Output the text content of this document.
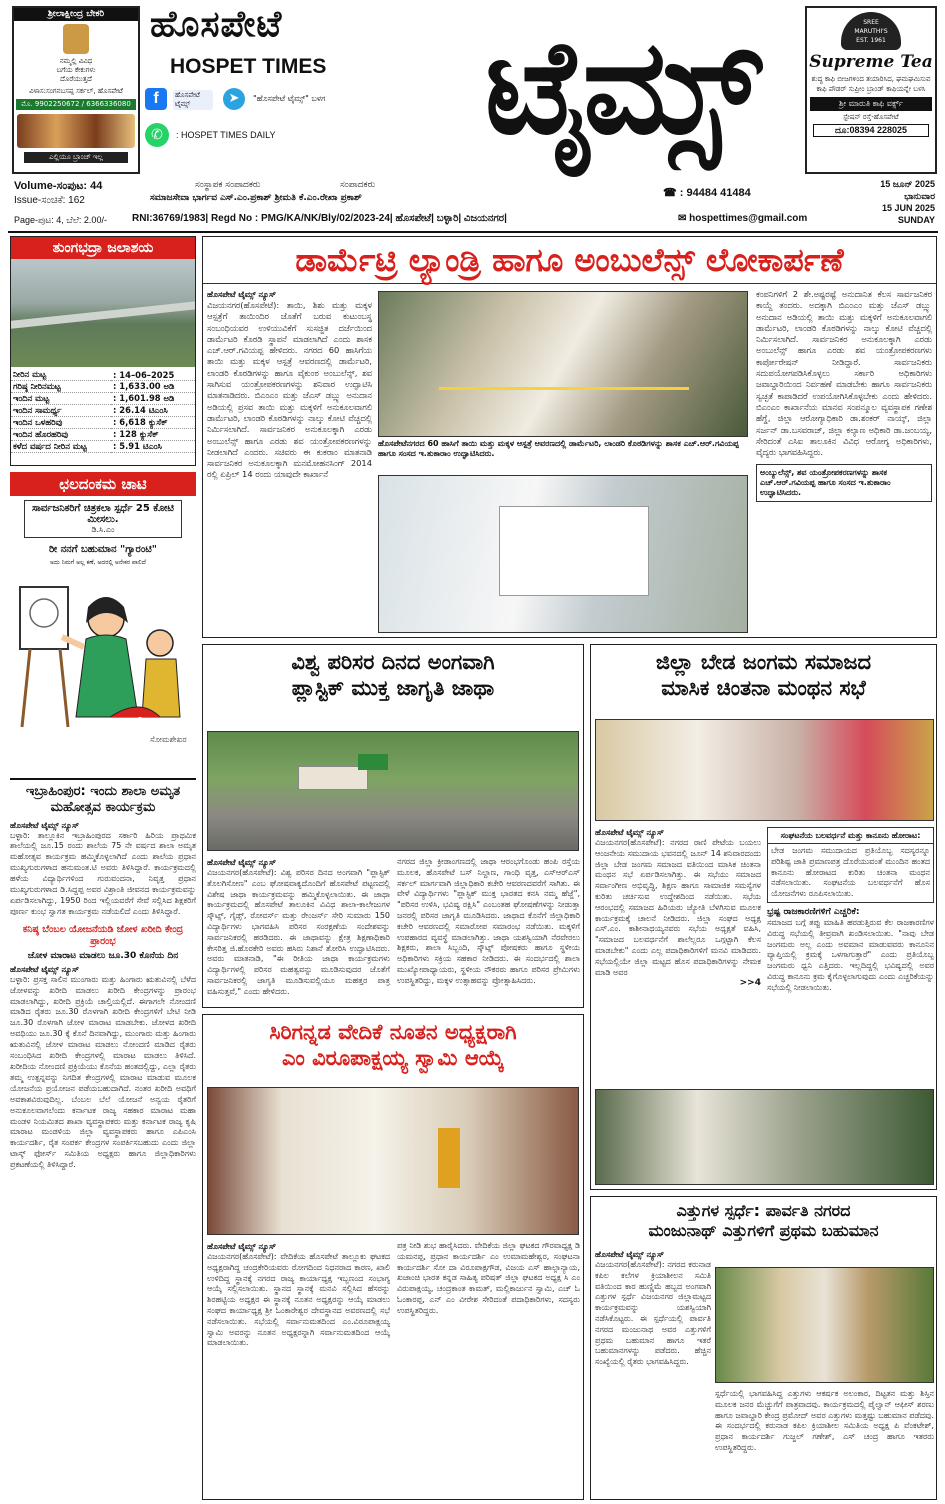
ಶ್ರೀಲಾಕ್ಷೀಂದ್ರ ಬೇಕರಿ
ನಮ್ಮಲ್ಲಿ ವಿವಿಧ
ಬಗೆಯ ಕೇಕುಗಳು
ದೊರೆಯುತ್ತದೆ
ವಿಳಾಸ:ಸಂಗನಬಸಪ್ಪ ಸರ್ಕಲ್, ಹೊಸಪೇಟೆ
ಮೊ. 9902250672 / 6366336080
ಎಲ್ಲಿಯೂ ಬ್ರಾಂಚ್ ಇಲ್ಲ
ಹೊಸಪೇಟೆ
HOSPET TIMES
f	ಹೊಸಪೇಟೆ ಟೈಮ್ಸ್	➤	"ಹೊಸಪೇಟೆ ಟೈಮ್ಸ್" ಬಳಗ
✆	: HOSPET TIMES DAILY	ಟೈಮ್ಸ್	SREE
MARUTHI'S
EST. 1961
Supreme Tea
ಶುದ್ಧ ಕಾಫಿ ಬೀಜಗಳಿಂದ ತಯಾರಿಸಿದ, ಘಮಘಮಿಸುವ ಕಾಫಿ ಪೌಡರ್ ಸುಪ್ರೀಂ ಬ್ರಾಂಡ್ ಕಾಫಿಯನ್ನೇ ಬಳಸಿ
ಶ್ರೀ ಮಾರುತಿ ಕಾಫಿ ವರ್ಕ್ಸ್
ಸ್ಟೇಷನ್ ರಸ್ತೆ-ಹೊಸಪೇಟೆ
ದೂ:08394 228025
Volume-ಸಂಪುಟ: 44
Issue-ಸಂಚಿಕೆ: 162
ಸಂಸ್ಥಾಪಕ ಸಂಪಾದಕರು	ಸಂಪಾದಕರು
ಸಮಾಜಸೇವಾ ಭಾರ್ಗವ ಎಸ್.ಎಂ.ಪ್ರಕಾಶ್ ಶ್ರೀಮತಿ ಕೆ.ಎಂ.ರೇಖಾ ಪ್ರಕಾಶ್	☎ : 94484 41484
Page-ಪುಟ: 4, ಬೆಲೆ: 2.00/-	RNI:36769/1983| Regd No : PMG/KA/NK/Bly/02/2023-24| ಹೊಸಪೇಟೆ| ಬಳ್ಳಾರಿ| ವಿಜಯನಗರ|	✉ hospettimes@gmail.com
15 ಜೂನ್ 2025
ಭಾನುವಾರ
15 JUN 2025
SUNDAY
ತುಂಗಭದ್ರಾ ಜಲಾಶಯ
ನೀರಿನ ಮಟ್ಟ	: 14–06–2025
ಗರಿಷ್ಠ ನೀರಿನಮಟ್ಟ	: 1,633.00 ಅಡಿ
ಇಂದಿನ ಮಟ್ಟ	: 1,601.98 ಅಡಿ
ಇಂದಿನ ಸಾಮರ್ಥ್ಯ	: 26.14 ಟಿಎಂಸಿ
ಇಂದಿನ ಒಳಹರಿವು	: 6,618 ಕ್ಯುಸೆಕ್
ಇಂದಿನ ಹೊರಹರಿವು	: 128 ಕ್ಯುಸೆಕ್
ಕಳೆದ ವರ್ಷದ ನೀರಿನ ಮಟ್ಟ	: 5.91 ಟಿಎಂಸಿ
ಛಲದಂಕಮ ಚಾಟಿ
ಸಾರ್ವಜನಿಕರಿಗೆ ಚಿತ್ರಕಲಾ ಸ್ಪರ್ಧೆ 25 ಕೋಟಿ ಮೀಸಲು.
ಡಿ.ಸಿ.ಎಂ
ರೀ ನನಗೆ ಬಹುಮಾನ "ಗ್ಯಾರಂಟಿ"
ಅದು ನಿಮಗೆ ಅಲ್ಲ ಕಣೆ, ಅದರಲ್ಲಿ ಅನೇಕರ ಪಾಲಿದೆ
ಸೋಮಶೇಖರ
ಇಬ್ರಾಹಿಂಪುರ: ಇಂದು ಶಾಲಾ ಅಮೃತ ಮಹೋತ್ಸವ ಕಾರ್ಯಕ್ರಮ
ಹೊಸಪೇಟೆ ಟೈಮ್ಸ್ ನ್ಯೂಸ್
ಬಳ್ಳಾರಿ: ತಾಲ್ಲೂಕಿನ ಇಬ್ರಾಹಿಂಪುರದ ಸರ್ಕಾರಿ ಹಿರಿಯ ಪ್ರಾಥಮಿಕ ಶಾಲೆಯಲ್ಲಿ ಜೂ.15 ರಂದು ಶಾಲೆಯ 75 ನೇ ವರ್ಷದ ಶಾಲಾ ಅಮೃತ ಮಹೋತ್ಸವ ಕಾರ್ಯಕ್ರಮ ಹಮ್ಮಿಕೊಳ್ಳಲಾಗಿದೆ ಎಂದು ಶಾಲೆಯ ಪ್ರಧಾನ ಮುಖ್ಯಗುರುಗಳಾದ ಹನುಮಂತ.ಟಿ ಅವರು ತಿಳಿಸಿದ್ದಾರೆ. ಕಾರ್ಯಕ್ರಮದಲ್ಲಿ ಹಳೆಯ ವಿದ್ಯಾರ್ಥಿಗಳಿಂದ ಗುರುವಂದನಾ, ನಿವೃತ್ತ ಪ್ರಧಾನ ಮುಖ್ಯಗುರುಗಳಾದ ಡಿ.ಸಿದ್ದಪ್ಪ ಅವರ ವಿಶ್ರಾಂತಿ ಜೀವನದ ಕಾರ್ಯಕ್ರಮವನ್ನು ಏರ್ಪಡಿಸಲಾಗಿದ್ದು, 1950 ರಿಂದ ಇಲ್ಲಿಯವರೆಗೆ ಸೇವೆ ಸಲ್ಲಿಸಿದ ಶಿಕ್ಷಕರಿಗೆ ಪೂರ್ಣ ಕುಂಭ ಸ್ವಾಗತ ಕಾರ್ಯಕ್ರಮ ನಡೆಯಲಿದೆ ಎಂದು ತಿಳಿಸಿದ್ದಾರೆ.
ಕನಿಷ್ಠ ಬೆಂಬಲ ಯೋಜನೆಯಡಿ ಜೋಳ ಖರೀದಿ ಕೇಂದ್ರ ಪ್ರಾರಂಭ
ಜೋಳ ಮಾರಾಟ ಮಾಡಲು ಜೂ.30 ಕೊನೆಯ ದಿನ
ಹೊಸಪೇಟೆ ಟೈಮ್ಸ್ ನ್ಯೂಸ್
ಬಳ್ಳಾರಿ: ಪ್ರಸಕ್ತ ಸಾಲಿನ ಮುಂಗಾರು ಮತ್ತು ಹಿಂಗಾರು ಋತುವಿನಲ್ಲಿ ಬೆಳೆದ ಜೋಳವನ್ನು ಖರೀದಿ ಮಾಡಲು ಖರೀದಿ ಕೇಂದ್ರಗಳನ್ನು ಪ್ರಾರಂಭ ಮಾಡಲಾಗಿದ್ದು, ಖರೀದಿ ಪ್ರಕ್ರಿಯೆ ಚಾಲ್ತಿಯಲ್ಲಿದೆ. ಈಗಾಗಲೇ ನೋಂದಣಿ ಮಾಡಿದ ರೈತರು ಜೂ.30 ರೊಳಗಾಗಿ ಖರೀದಿ ಕೇಂದ್ರಗಳಿಗೆ ಬೇಟಿ ನೀಡಿ ಜೂ.30 ರೊಳಗಾಗಿ ಜೋಳ ಮಾರಾಟ ಮಾಡಬೇಕು. ಜೋಳದ ಖರೀದಿ ಅವಧಿಯು ಜೂ.30 ಕ್ಕೆ ಕೊನೆ ದಿನವಾಗಿದ್ದು, ಮುಂಗಾರು ಮತ್ತು ಹಿಂಗಾರು ಋತುವಿನಲ್ಲಿ ಜೋಳ ಮಾರಾಟ ಮಾಡಲು ನೋಂದಣಿ ಮಾಡಿದ ರೈತರು ಸಂಬಂಧಿಸಿದ ಖರೀದಿ ಕೇಂದ್ರಗಳಲ್ಲಿ ಮಾರಾಟ ಮಾಡಲು ತಿಳಿಸಿದೆ. ಖರೀದಿಯ ನೋಂದಣಿ ಪ್ರಕ್ರಿಯೆಯು ಕೊನೆಯ ಹಂತದಲ್ಲಿದ್ದು, ಎಲ್ಲಾ ರೈತರು ತಮ್ಮ ಉತ್ಪನ್ನವನ್ನು ನಿಗದಿತ ಕೇಂದ್ರಗಳಲ್ಲಿ ಮಾರಾಟ ಮಾಡುವ ಮೂಲಕ ಯೋಜನೆಯ ಪ್ರಯೋಜನ ಪಡೆಯಬಹುದಾಗಿದೆ. ನಂತರ ಖರೀದಿ ಅವಧಿಗೆ ಅವಕಾಶವಿರುವುದಿಲ್ಲ. ಬೆಂಬಲ ಬೆಲೆ ಯೋಜನೆ ಅನ್ವಯ ರೈತರಿಗೆ ಅನುಕೂಲವಾಗಲೆಂದು ಕರ್ನಾಟಕ ರಾಜ್ಯ ಸಹಕಾರ ಮಾರಾಟ ಮಹಾ ಮಂಡಳ ನಿಯಮಿತದ ಶಾಖಾ ವ್ಯವಸ್ಥಾಪಕರು ಮತ್ತು ಕರ್ನಾಟಕ ರಾಜ್ಯ ಕೃಷಿ ಮಾರಾಟ ಮಂಡಳಿಯ ಜಿಲ್ಲಾ ವ್ಯವಸ್ಥಾಪಕರು ಹಾಗೂ ಎಪಿಎಂಸಿ ಕಾರ್ಯದರ್ಶಿ, ರೈತ ಸಂಪರ್ಕ ಕೇಂದ್ರಗಳ ಸಂಪರ್ಕಿಸಬಹುದು ಎಂದು ಜಿಲ್ಲಾ ಟಾಸ್ಕ್ ಫೋರ್ಸ್ ಸಮಿತಿಯ ಅಧ್ಯಕ್ಷರು ಹಾಗೂ ಜಿಲ್ಲಾಧಿಕಾರಿಗಳು ಪ್ರಕಟಣೆಯಲ್ಲಿ ತಿಳಿಸಿದ್ದಾರೆ.
ಡಾರ್ಮೆಟ್ರಿ ಲ್ಯಾಂಡ್ರಿ ಹಾಗೂ ಅಂಬುಲೆನ್ಸ್ ಲೋಕಾರ್ಪಣೆ
ಹೊಸಪೇಟೆ ಟೈಮ್ಸ್ ನ್ಯೂಸ್
ವಿಜಯನಗರ(ಹೊಸಪೇಟೆ): ತಾಯಿ, ಶಿಶು ಮತ್ತು ಮಕ್ಕಳ ಆಸ್ಪತ್ರೆಗೆ ತಾಯಿಂದಿರ ಜೊತೆಗೆ ಬರುವ ಕುಟುಂಬಸ್ಥ ಸಂಬಂಧಿಯವರ ಉಳಿಯುವಿಕೆಗೆ ಸುಸಜ್ಜಿತ ದರ್ಜೆಯಿಂದ ಡಾರ್ಮೆಟರಿ ಕೊಠಡಿ ಸ್ಥಾಪನೆ ಮಾಡಲಾಗಿದೆ ಎಂದು ಶಾಸಕ ಎಚ್.ಆರ್.ಗವಿಯಪ್ಪ ಹೇಳಿದರು. ನಗರದ 60 ಹಾಸಿಗೆಯ ತಾಯಿ ಮತ್ತು ಮಕ್ಕಳ ಆಸ್ಪತ್ರೆ ಆವರಣದಲ್ಲಿ ಡಾರ್ಮೆಟರಿ, ಲಾಂಡರಿ ಕೊಠಡಿಗಳನ್ನು ಹಾಗೂ ವೈಕುಂಠ ಅಂಬುಲೆನ್ಸ್, ಶವ ಸಾಗಿಸುವ ಯಂತ್ರೋಪಕರಣಗಳನ್ನು ಶನಿವಾರ ಉದ್ಘಾಟಿಸಿ ಮಾತನಾಡಿದರು. ಬಿಎಂಎಂ ಮತ್ತು ಜೆಎಸ್ ಡಬ್ಲ್ಯು ಅನುದಾನ ಅಡಿಯಲ್ಲಿ ಪ್ರಸವ ತಾಯಿ ಮತ್ತು ಮಕ್ಕಳಿಗೆ ಅನುಕೂಲವಾಗಲಿ ಡಾರ್ಮೆಟರಿ, ಲಾಂಡರಿ ಕೊಠಡಿಗಳನ್ನು ನಾಲ್ಕು ಕೋಟಿ ವೆಚ್ಚದಲ್ಲಿ ನಿರ್ಮಿಸಲಾಗಿದೆ. ಸಾರ್ವಜನಿಕರ ಅನುಕೂಲಕ್ಕಾಗಿ ಎರಡು ಅಂಬುಲೆನ್ಸ್ ಹಾಗೂ ಎರಡು ಶವ ಯಂತ್ರೋಪಕರಣಗಳನ್ನು ನೀಡಲಾಗಿದೆ ಎಂದರು. ಸಚಿವರು ಈ ಕುಕರಾಂ ಮಾತನಾಡಿ ಸಾರ್ವಜನಿಕರ ಅನುಕೂಲಕ್ಕಾಗಿ ಮನಮೋಹನಸಿಂಗ್ 2014 ರಲ್ಲಿ ಏಪ್ರಿಲ್ 14 ರಂದು ಯಾವುದೇ ಕಾರ್ಖಾನೆ
ಹೊಸಪೇಟೆನಗರದ 60 ಹಾಸಿಗೆ ತಾಯಿ ಮತ್ತು ಮಕ್ಕಳ ಆಸ್ಪತ್ರೆ ಆವರಣದಲ್ಲಿ ಡಾರ್ಮೆಟರಿ, ಲಾಂಡರಿ ಕೊಠಡಿಗಳನ್ನು ಶಾಸಕ ಎಚ್.ಆರ್.ಗವಿಯಪ್ಪ ಹಾಗೂ ಸಂಸದ ಇ.ತುಕಾರಾಂ ಉದ್ಘಾಟಿಸಿದರು.
ಕಂಪನಿಗಳಿಗೆ 2 ಶೇ.ಅಷ್ಟರಷ್ಟೆ ಅನುದಾನಿತ ಕೆಲಸ ಸಾರ್ವಜನಿಕರ ಕಾಯ್ದೆ ತಂದರು. ಅದಕ್ಕಾಗಿ ಬಿಎಂಎಂ ಮತ್ತು ಜೆಎಸ್ ಡಬ್ಲ್ಯು ಅನುದಾನ ಅಡಿಯಲ್ಲಿ ತಾಯಿ ಮತ್ತು ಮಕ್ಕಳಿಗೆ ಅನುಕೂಲವಾಗಲಿ ಡಾರ್ಮೆಟರಿ, ಲಾಂಡರಿ ಕೊಠಡಿಗಳನ್ನು ನಾಲ್ಕು ಕೋಟಿ ವೆಚ್ಚದಲ್ಲಿ ನಿರ್ಮಿಸಲಾಗಿದೆ. ಸಾರ್ವಜನಿಕರ ಅನುಕೂಲಕ್ಕಾಗಿ ಎರಡು ಅಂಬುಲೆನ್ಸ್ ಹಾಗೂ ಎರಡು ಶವ ಯಂತ್ರೋಪಕರಣಗಳು ಕಾರ್ಪೋರೇಷನ್ ನೀಡಿದ್ದಾರೆ. ಸಾರ್ವಜನಿಕರು ಸದುಪಯೋಗಪಡಿಸಿಕೊಳ್ಳಲು ಸರ್ಕಾರಿ ಅಧಿಕಾರಿಗಳು ಜವಾಬ್ದಾರಿಯಿಂದ ನಿರ್ವಹಣೆ ಮಾಡಬೇಕು ಹಾಗೂ ಸಾರ್ವಜನಿಕರು ಸ್ವಚ್ಛತೆ ಕಾಪಾಡಿದರೆ ಉಪಯೋಗಿಸಿಕೊಳ್ಳಬೇಕು ಎಂದು ಹೇಳಿದರು. ಬಿಎಂಎಂ ಕಾರ್ಖಾನೆಯ ಮಾನವ ಸಂಪನ್ಮೂಲ ವ್ಯವಸ್ಥಾಪಕ ಗಣೇಶ ಹೆಗ್ಡೆ, ಜಿಲ್ಲಾ ಆರೋಗ್ಯಾಧಿಕಾರಿ ಡಾ.ಶಂಕರ್ ನಾಯ್ಕ್, ಜಿಲ್ಲಾ ಸರ್ಜನ್ ಡಾ.ಬಸವರಾಜ್, ಜಿಲ್ಲಾ ಕಲ್ಯಾಣ ಅಧಿಕಾರಿ ಡಾ.ಜಂಬಯ್ಯ, ಸೇರಿದಂತೆ ಎಸಿಐ ತಾಲೂಕಿನ ವಿವಿಧ ಆರೋಗ್ಯ ಅಧಿಕಾರಿಗಳು, ವೈದ್ಯರು ಭಾಗವಹಿಸಿದ್ದರು.
ಅಂಬ್ಯುಲೆನ್ಸ್, ಶವ ಯಂತ್ರೋಪಕರಣಗಳನ್ನು ಶಾಸಕ ಎಚ್.ಆರ್.ಗವಿಯಪ್ಪ ಹಾಗೂ ಸಂಸದ ಇ.ತುಕಾರಾಂ ಉದ್ಘಾಟಿಸಿದರು.
ವಿಶ್ವ ಪರಿಸರ ದಿನದ ಅಂಗವಾಗಿ
ಪ್ಲಾಸ್ಟಿಕ್ ಮುಕ್ತ ಜಾಗೃತಿ ಜಾಥಾ
ಹೊಸಪೇಟೆ ಟೈಮ್ಸ್ ನ್ಯೂಸ್
ವಿಜಯನಗರ(ಹೊಸಪೇಟೆ): ವಿಶ್ವ ಪರಿಸರ ದಿನದ ಅಂಗವಾಗಿ "ಪ್ಲಾಸ್ಟಿಕ್ ತೊಲಗಿಸೋಣ" ಎಂಬ ಘೋಷವಾಕ್ಯದೊಂದಿಗೆ ಹೊಸಪೇಟೆ ಪಟ್ಟಣದಲ್ಲಿ ವಿಶೇಷ ಜಾಥಾ ಕಾರ್ಯಕ್ರಮವನ್ನು ಹಮ್ಮಿಕೊಳ್ಳಲಾಯಿತು. ಈ ಜಾಥಾ ಕಾರ್ಯಕ್ರಮದಲ್ಲಿ ಹೊಸಪೇಟೆ ತಾಲೂಕಿನ ವಿವಿಧ ಶಾಲಾ-ಕಾಲೇಜುಗಳ ಸ್ಕೌಟ್ಸ್, ಗೈಡ್ಸ್, ರೋವರ್ಸ್ ಮತ್ತು ರೇಂಜರ್ಸ್ ಸೇರಿ ಸುಮಾರು 150 ವಿದ್ಯಾರ್ಥಿಗಳು ಭಾಗವಹಿಸಿ ಪರಿಸರ ಸಂರಕ್ಷಣೆಯ ಸಂದೇಶವನ್ನು ಸಾರ್ವಜನಿಕರಲ್ಲಿ ಹರಡಿದರು. ಈ ಜಾಥಾವನ್ನು ಕ್ಷೇತ್ರ ಶಿಕ್ಷಣಾಧಿಕಾರಿ ಕೇಸರಿತ್ತ ಜಿ.ಹೊರಕೇರಿ ಅವರು ಹಸಿರು ನಿಶಾನೆ ತೋರಿಸಿ ಉದ್ಘಾಟಿಸಿದರು. ಅವರು ಮಾತನಾಡಿ, "ಈ ರೀತಿಯ ಜಾಥಾ ಕಾರ್ಯಕ್ರಮಗಳು ವಿದ್ಯಾರ್ಥಿಗಳಲ್ಲಿ ಪರಿಸರ ಮಹತ್ವವನ್ನು ಮೂಡಿಸುವುದರ ಜೊತೆಗೆ ಸಾರ್ವಜನಿಕರಲ್ಲಿ ಜಾಗೃತಿ ಮೂಡಿಸುವಲ್ಲಿಯೂ ಮಹತ್ತರ ಪಾತ್ರ ವಹಿಸುತ್ತವೆ," ಎಂದು ಹೇಳಿದರು.
ನಗರದ ಜಿಲ್ಲಾ ಕ್ರೀಡಾಂಗಣದಲ್ಲಿ ಜಾಥಾ ಆರಂಭಗೊಂಡು ಹಂಪಿ ರಸ್ತೆಯ ಮೂಲಕ, ಹೊಸಪೇಟೆ ಬಸ್ ನಿಲ್ದಾಣ, ಗಾಂಧಿ ವೃತ್ತ, ಎಸ್‌ಆರ್‌ಎಸ್ ಸರ್ಕಲ್ ಮಾರ್ಗವಾಗಿ ಜಿಲ್ಲಾಧಿಕಾರಿ ಕಚೇರಿ ಆವರಣದವರೆಗೆ ಸಾಗಿತು. ಈ ವೇಳೆ ವಿದ್ಯಾರ್ಥಿಗಳು "ಪ್ಲಾಸ್ಟಿಕ್ ಮುಕ್ತ ಭಾರತದ ಕನಸಿ ನಮ್ಮ ಹೆಜ್ಜೆ", "ಪರಿಸರ ಉಳಿಸಿ, ಭವಿಷ್ಯ ರಕ್ಷಿಸಿ" ಎಂಬಂತಹ ಘೋಷಣೆಗಳನ್ನು ನೀಡುತ್ತಾ ಜನರಲ್ಲಿ ಪರಿಸರ ಜಾಗೃತಿ ಮೂಡಿಸಿದರು. ಜಾಥಾದ ಕೊನೆಗೆ ಜಿಲ್ಲಾಧಿಕಾರಿ ಕಚೇರಿ ಆವರಣದಲ್ಲಿ ಸಮಾರೋಪ ಸಮಾರಂಭ ನಡೆಯಿತು. ಮಕ್ಕಳಿಗೆ ಉಪಹಾರದ ವ್ಯವಸ್ಥೆ ಮಾಡಲಾಗಿತ್ತು. ಜಾಥಾ ಯಶಸ್ವಿಯಾಗಿ ನೆರವೇರಲು ಶಿಕ್ಷಕರು, ಶಾಲಾ ಸಿಬ್ಬಂದಿ, ಸ್ಕೌಟ್ಸ್ ಪೋಷಕರು ಹಾಗೂ ಸ್ಥಳೀಯ ಅಧಿಕಾರಿಗಳು ಸಕ್ರಿಯ ಸಹಕಾರ ನೀಡಿದರು. ಈ ಸಂದರ್ಭದಲ್ಲಿ ಶಾಲಾ ಮುಖ್ಯೋಪಾಧ್ಯಾಯರು, ಸ್ಥಳೀಯ ನೌಕರರು ಹಾಗೂ ಪರಿಸರ ಪ್ರೇಮಿಗಳು ಉಪಸ್ಥಿತರಿದ್ದು, ಮಕ್ಕಳ ಉತ್ಸಾಹವನ್ನು ಪ್ರೋತ್ಸಾಹಿಸಿದರು.
ಜಿಲ್ಲಾ ಬೇಡ ಜಂಗಮ ಸಮಾಜದ
ಮಾಸಿಕ ಚಿಂತನಾ ಮಂಥನ ಸಭೆ
ಹೊಸಪೇಟೆ ಟೈಮ್ಸ್ ನ್ಯೂಸ್
ವಿಜಯನಗರ(ಹೊಸಪೇಟೆ): ನಗರದ ರಾಣಿ ಪೇಟೆಯ ಬಯಲು ಆಂಜನೇಯ ಸಮುದಾಯ ಭವನದಲ್ಲಿ ಜೂನ್ 14 ಶನಿವಾರದಂದು ಜಿಲ್ಲಾ ಬೇಡ ಜಂಗಮ ಸಮಾಜದ ವತಿಯಿಂದ ಮಾಸಿಕ ಚಿಂತನಾ ಮಂಥನ ಸಭೆ ಏರ್ಪಡಿಸಲಾಗಿತ್ತು. ಈ ಸಭೆಯು ಸಮಾಜದ ಸರ್ವಾಂಗೀಣ ಅಭಿವೃದ್ಧಿ, ಶಿಕ್ಷಣ ಹಾಗೂ ಸಾಮಾಜಿಕ ಸಮಸ್ಯೆಗಳ ಕುರಿತು ಚರ್ಚಿಸುವ ಉದ್ದೇಶದಿಂದ ನಡೆಯಿತು. ಸಭೆಯ ಆರಂಭದಲ್ಲಿ ಸಮಾಜದ ಹಿರಿಯರು ಜ್ಯೋತಿ ಬೆಳಗಿಸುವ ಮೂಲಕ ಕಾರ್ಯಕ್ರಮಕ್ಕೆ ಚಾಲನೆ ನೀಡಿದರು. ಜಿಲ್ಲಾ ಸಂಘದ ಅಧ್ಯಕ್ಷ ಎಸ್.ಎಂ. ಕಾಶೀನಾಥಯ್ಯನವರು ಸಭೆಯ ಅಧ್ಯಕ್ಷತೆ ವಹಿಸಿ, "ಸಮಾಜದ ಬಲವರ್ಧನೆಗೆ ಶಾಲೆಲ್ಲರೂ ಒಗ್ಗಟ್ಟಾಗಿ ಕೆಲಸ ಮಾಡಬೇಕು" ಎಂದು ಎಲ್ಲ ಪದಾಧಿಕಾರಿಗಳಿಗೆ ಮನವಿ ಮಾಡಿದರು. ಸಭೆಯಲ್ಲಿಯೇ ಜಿಲ್ಲಾ ಮಟ್ಟದ ಹೊಸ ಪದಾಧಿಕಾರಿಗಳನ್ನು ನೇಮಕ ಮಾಡಿ ಅವರ
>>4
ಸಂಘಟನೆಯ ಬಲವರ್ಧನೆ ಮತ್ತು ಕಾನೂನು ಹೋರಾಟ:
ಬೇಡ ಜಂಗಮ ಸಮುದಾಯದ ಪ್ರತಿಯೊಬ್ಬ ಸದಸ್ಯರನ್ನೂ ಪರಿಶಿಷ್ಟ ಜಾತಿ ಪ್ರಮಾಣಪತ್ರ ದೊರೆಯುವಂತೆ ಮುಂದಿನ ಹಂತದ ಕಾನೂನು ಹೋರಾಟದ ಕುರಿತು ಚಿಂತನಾ ಮಂಥನ ನಡೆಸಲಾಯಿತು. ಸಂಘಟನೆಯ ಬಲವರ್ಧನೆಗೆ ಹೊಸ ಯೋಜನೆಗಳು ರೂಪಿಸಲಾಯಿತು.
ಭ್ರಷ್ಟ ರಾಜಕಾರಣಿಗಳಿಗೆ ಎಚ್ಚರಿಕೆ:
ಸಮಾಜದ ಬಗ್ಗೆ ತಪ್ಪು ಮಾಹಿತಿ ಹರಡುತ್ತಿರುವ ಕೆಲ ರಾಜಕಾರಣಿಗಳ ವಿರುದ್ಧ ಸಭೆಯಲ್ಲಿ ತೀವ್ರವಾಗಿ ಖಂಡಿಸಲಾಯಿತು. "ನಾವು ಬೇಡ ಜಂಗಮರು ಅಲ್ಲ ಎಂದು ಅವಮಾನ ಮಾಡುವವರು ಕಾನೂನಿನ ವ್ಯಾಪ್ತಿಯಲ್ಲಿ ಕ್ರಮಕ್ಕೆ ಒಳಗಾಗುತ್ತಾರೆ" ಎಂದು ಪ್ರತಿಯೊಬ್ಬ ಜಂಗಮರು ಧ್ವನಿ ಎತ್ತಿದರು. ಇಲ್ಲದಿದ್ದಲ್ಲಿ ಭವಿಷ್ಯದಲ್ಲಿ ಅವರ ವಿರುದ್ಧ ಕಾನೂನು ಕ್ರಮ ಕೈಗೊಳ್ಳಲಾಗುವುದು ಎಂದು ಎಚ್ಚರಿಕೆಯನ್ನು ಸಭೆಯಲ್ಲಿ ನೀಡಲಾಯಿತು.
ಸಿರಿಗನ್ನಡ ವೇದಿಕೆ ನೂತನ ಅಧ್ಯಕ್ಷರಾಗಿ
ಎಂ ವಿರೂಪಾಕ್ಷಯ್ಯ ಸ್ವಾಮಿ ಆಯ್ಕೆ
ಹೊಸಪೇಟೆ ಟೈಮ್ಸ್ ನ್ಯೂಸ್
ವಿಜಯನಗರ(ಹೊಸಪೇಟೆ): ವೇದಿಕೆಯ ಹೊಸಪೇಟೆ ತಾಲ್ಲೂಕು ಘಟಕದ ಅಧ್ಯಕ್ಷರಾಗಿದ್ದ ಚಂದ್ರಕೇರಿಯವರು ರೋಗದಿಂದ ನಿಧನರಾದ ಕಾರಣ, ಖಾಲಿ ಉಳಿದಿದ್ದ ಸ್ಥಾನಕ್ಕೆ ನಗರದ ರಾಜ್ಯ ಕಾರ್ಯಾಧ್ಯಕ್ಷ ಇಬ್ಬಣಂದ ಸಂಭಾಗ್ಯ ಆಯ್ಕೆ ಸಲ್ಲಿಸಲಾಯಿತು. ಸ್ಥಾನದ ಸ್ಥಾನಕ್ಕೆ ಮನವಿ ಸಲ್ಲಿಸಿದ ಹೆಸರನ್ನು ಶಿರಹಟ್ಟಿಯ ಅಧ್ಯಕ್ಷರ ಈ ಸ್ಥಾನಕ್ಕೆ ನೂತನ ಅಧ್ಯಕ್ಷರನ್ನು ಆಯ್ಕೆ ಮಾಡಲು ಸಂಘದ ಕಾರ್ಯಾಧ್ಯಕ್ಷ ಶ್ರೀ ಓಂಕಾರೇಶ್ವರ ದೇವಸ್ಥಾನದ ಅವರಣದಲ್ಲಿ ಸಭೆ ನಡೆಸಲಾಯಿತು. ಸಭೆಯಲ್ಲಿ ಸರ್ವಾನುಮತದಿಂದ ಎಂ.ವಿರೂಪಾಕ್ಷಯ್ಯ ಸ್ವಾಮಿ ಅವರನ್ನು ನೂತನ ಅಧ್ಯಕ್ಷರನ್ನಾಗಿ ಸರ್ವಾನುಮತದಿಂದ ಆಯ್ಕೆ ಮಾಡಲಾಯಿತು.
ಪತ್ರ ನೀಡಿ ಶುಭ ಹಾರೈಸಿದರು. ವೇದಿಕೆಯ ಜಿಲ್ಲಾ ಘಟಕದ ಗೌರವಾಧ್ಯಕ್ಷ ಡಿ ಯಮನಪ್ಪ, ಪ್ರಧಾನ ಕಾರ್ಯದರ್ಶಿ ಎಂ ಉಮಾಮಹೇಶ್ವರ, ಸಂಘಟನಾ ಕಾರ್ಯದರ್ಶಿ ಸೋ ದಾ ವಿರೂಪಾಕ್ಷಗೌಡ, ವಿಜಯ ಎಸ್ ಹಾಲ್ಪಾನ್ಯಾಯ, ಖಜಾಂಚಿ ಭಾರತ ಕನ್ನಡ ಸಾಹಿತ್ಯ ಪರಿಷತ್ ಜಿಲ್ಲಾ ಘಟಕದ ಅಧ್ಯಕ್ಷ ಸಿ ಎಂ ವಿರುಪಾಕ್ಷಯ್ಯ, ಚಂದ್ರಕಾಂತ ಕಾಮತ್, ಮಲ್ಲಿಕಾರ್ಜುನ ಸ್ವಾಮಿ, ಎಚ್ ಓ ಓಂಕಾರಪ್ಪ, ಎನ್ ಎಂ ವೀರೇಶ ಸೇರಿದಂತೆ ಪದಾಧಿಕಾರಿಗಳು, ಸದಸ್ಯರು ಉಪಸ್ಥಿತರಿದ್ದರು.
ಎತ್ತುಗಳ ಸ್ಪರ್ಧೆ: ಪಾರ್ವತಿ ನಗರದ
ಮಂಜುನಾಥ್ ಎತ್ತುಗಳಿಗೆ ಪ್ರಥಮ ಬಹುಮಾನ
ಹೊಸಪೇಟೆ ಟೈಮ್ಸ್ ನ್ಯೂಸ್
ವಿಜಯನಗರ(ಹೊಸಪೇಟೆ): ನಗರದ ಕರುನಾಡ ಕಪಿಲ ಕಲೆಗಳ ಕ್ರಿಯಾಶೀಲನ ಸಮಿತಿ ವತಿಯಿಂದ ಕಾರ ಹುಣ್ಣಿಮೆ ಹಬ್ಬದ ಅಂಗವಾಗಿ ಎತ್ತುಗಳ ಸ್ಪರ್ಧೆ ವಿಜಯನಗರ ಜಿಲ್ಲಾಮಟ್ಟದ ಕಾರ್ಯಕ್ರಮವನ್ನು ಯಶಸ್ವಿಯಾಗಿ ನಡೆಸಿಕೊಟ್ಟರು. ಈ ಸ್ಪರ್ಧೆಯಲ್ಲಿ ಪಾರ್ವತಿ ನಗರದ ಮಂಜುನಾಥ ಅವರ ಎತ್ತುಗಳಿಗೆ ಪ್ರಥಮ ಬಹುಮಾನ ಹಾಗೂ ಇತರೆ ಬಹುಮಾನಗಳನ್ನು ಪಡೆದರು. ಹೆಚ್ಚಿನ ಸಂಖ್ಯೆಯಲ್ಲಿ ರೈತರು ಭಾಗವಹಿಸಿದ್ದರು.
ಸ್ಪರ್ಧೆಯಲ್ಲಿ ಭಾಗವಹಿಸಿದ್ದ ಎತ್ತುಗಳು ಆಕರ್ಷಕ ಅಲಂಕಾರ, ದಿಟ್ಟತನ ಮತ್ತು ಶಿಸ್ತಿನ ಮೂಲಕ ಜನರ ಮೆಚ್ಚುಗೆಗೆ ಪಾತ್ರವಾದವು. ಕಾರ್ಯಕ್ರಮದಲ್ಲಿ ಪೈಲ್ವಾನ್ ಆಫೀಸ್ ಶರಣು ಹಾಗೂ ಜವಾಬ್ದಾರಿ ಕೇಂದ್ರ ಪ್ರಮೋದ್ ಅವರ ಎತ್ತುಗಳು ಮತ್ತಷ್ಟು ಬಹುಮಾನ ಪಡೆದವು. ಈ ಸಂದರ್ಭದಲ್ಲಿ ಕರುನಾಡ ಕಪಿಲ ಕ್ರಿಯಾಶೀಲ ಸಮಿತಿಯ ಅಧ್ಯಕ್ಷ ಪಿ ವೆಂಕಟೇಶ್, ಪ್ರಧಾನ ಕಾರ್ಯದರ್ಶಿ ಗುಜ್ಜಲ್ ಗಣೇಶ್, ಎಸ್ ಚಂದ್ರ ಹಾಗೂ ಇತರರು ಉಪಸ್ಥಿತರಿದ್ದರು.
